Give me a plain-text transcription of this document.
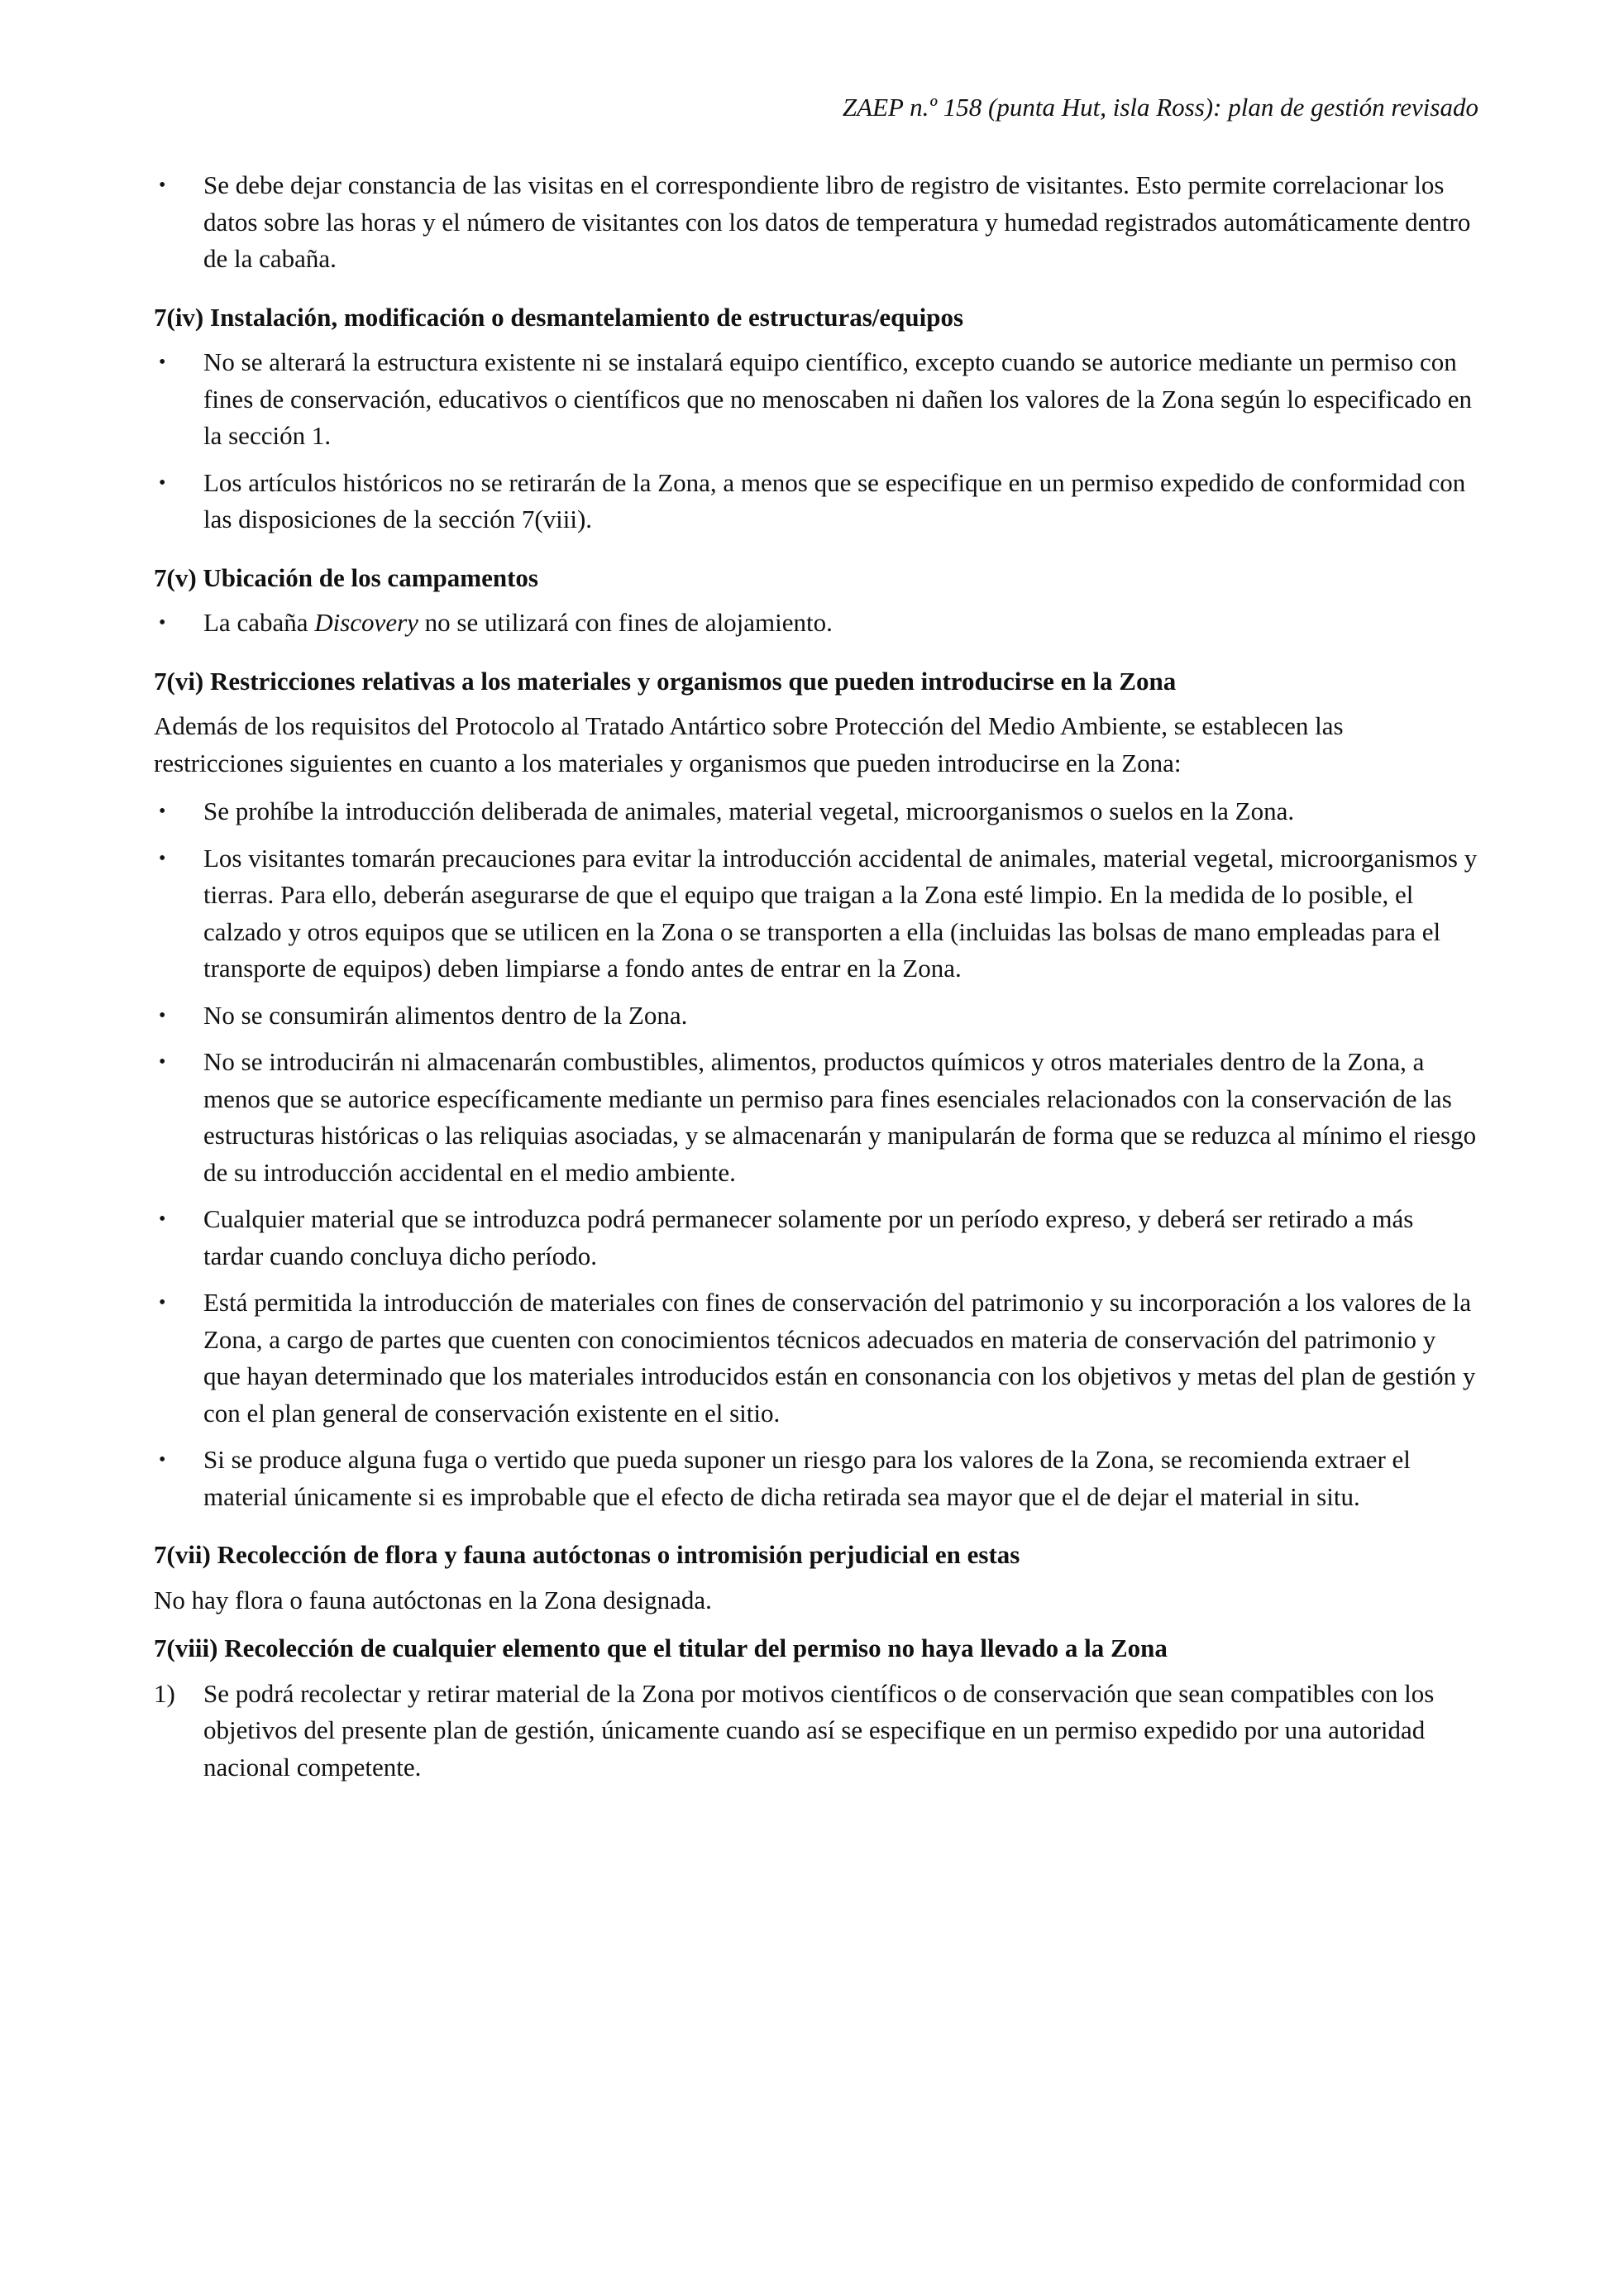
ZAEP n.º 158 (punta Hut, isla Ross): plan de gestión revisado
• Se debe dejar constancia de las visitas en el correspondiente libro de registro de visitantes. Esto permite correlacionar los datos sobre las horas y el número de visitantes con los datos de temperatura y humedad registrados automáticamente dentro de la cabaña.
7(iv) Instalación, modificación o desmantelamiento de estructuras/equipos
• No se alterará la estructura existente ni se instalará equipo científico, excepto cuando se autorice mediante un permiso con fines de conservación, educativos o científicos que no menoscaben ni dañen los valores de la Zona según lo especificado en la sección 1.
• Los artículos históricos no se retirarán de la Zona, a menos que se especifique en un permiso expedido de conformidad con las disposiciones de la sección 7(viii).
7(v) Ubicación de los campamentos
• La cabaña Discovery no se utilizará con fines de alojamiento.
7(vi) Restricciones relativas a los materiales y organismos que pueden introducirse en la Zona

Además de los requisitos del Protocolo al Tratado Antártico sobre Protección del Medio Ambiente, se establecen las restricciones siguientes en cuanto a los materiales y organismos que pueden introducirse en la Zona:

• Se prohíbe la introducción deliberada de animales, material vegetal, microorganismos o suelos en la Zona.
• Los visitantes tomarán precauciones para evitar la introducción accidental de animales, material vegetal, microorganismos y tierras. Para ello, deberán asegurarse de que el equipo que traigan a la Zona esté limpio. En la medida de lo posible, el calzado y otros equipos que se utilicen en la Zona o se transporten a ella (incluidas las bolsas de mano empleadas para el transporte de equipos) deben limpiarse a fondo antes de entrar en la Zona.
• No se consumirán alimentos dentro de la Zona.
• No se introducirán ni almacenarán combustibles, alimentos, productos químicos y otros materiales dentro de la Zona, a menos que se autorice específicamente mediante un permiso para fines esenciales relacionados con la conservación de las estructuras históricas o las reliquias asociadas, y se almacenarán y manipularán de forma que se reduzca al mínimo el riesgo de su introducción accidental en el medio ambiente.
• Cualquier material que se introduzca podrá permanecer solamente por un período expreso, y deberá ser retirado a más tardar cuando concluya dicho período.
• Está permitida la introducción de materiales con fines de conservación del patrimonio y su incorporación a los valores de la Zona, a cargo de partes que cuenten con conocimientos técnicos adecuados en materia de conservación del patrimonio y que hayan determinado que los materiales introducidos están en consonancia con los objetivos y metas del plan de gestión y con el plan general de conservación existente en el sitio.
• Si se produce alguna fuga o vertido que pueda suponer un riesgo para los valores de la Zona, se recomienda extraer el material únicamente si es improbable que el efecto de dicha retirada sea mayor que el de dejar el material in situ.
7(vii) Recolección de flora y fauna autóctonas o intromisión perjudicial en estas

No hay flora o fauna autóctonas en la Zona designada.

7(viii) Recolección de cualquier elemento que el titular del permiso no haya llevado a la Zona
1) Se podrá recolectar y retirar material de la Zona por motivos científicos o de conservación que sean compatibles con los objetivos del presente plan de gestión, únicamente cuando así se especifique en un permiso expedido por una autoridad nacional competente.
